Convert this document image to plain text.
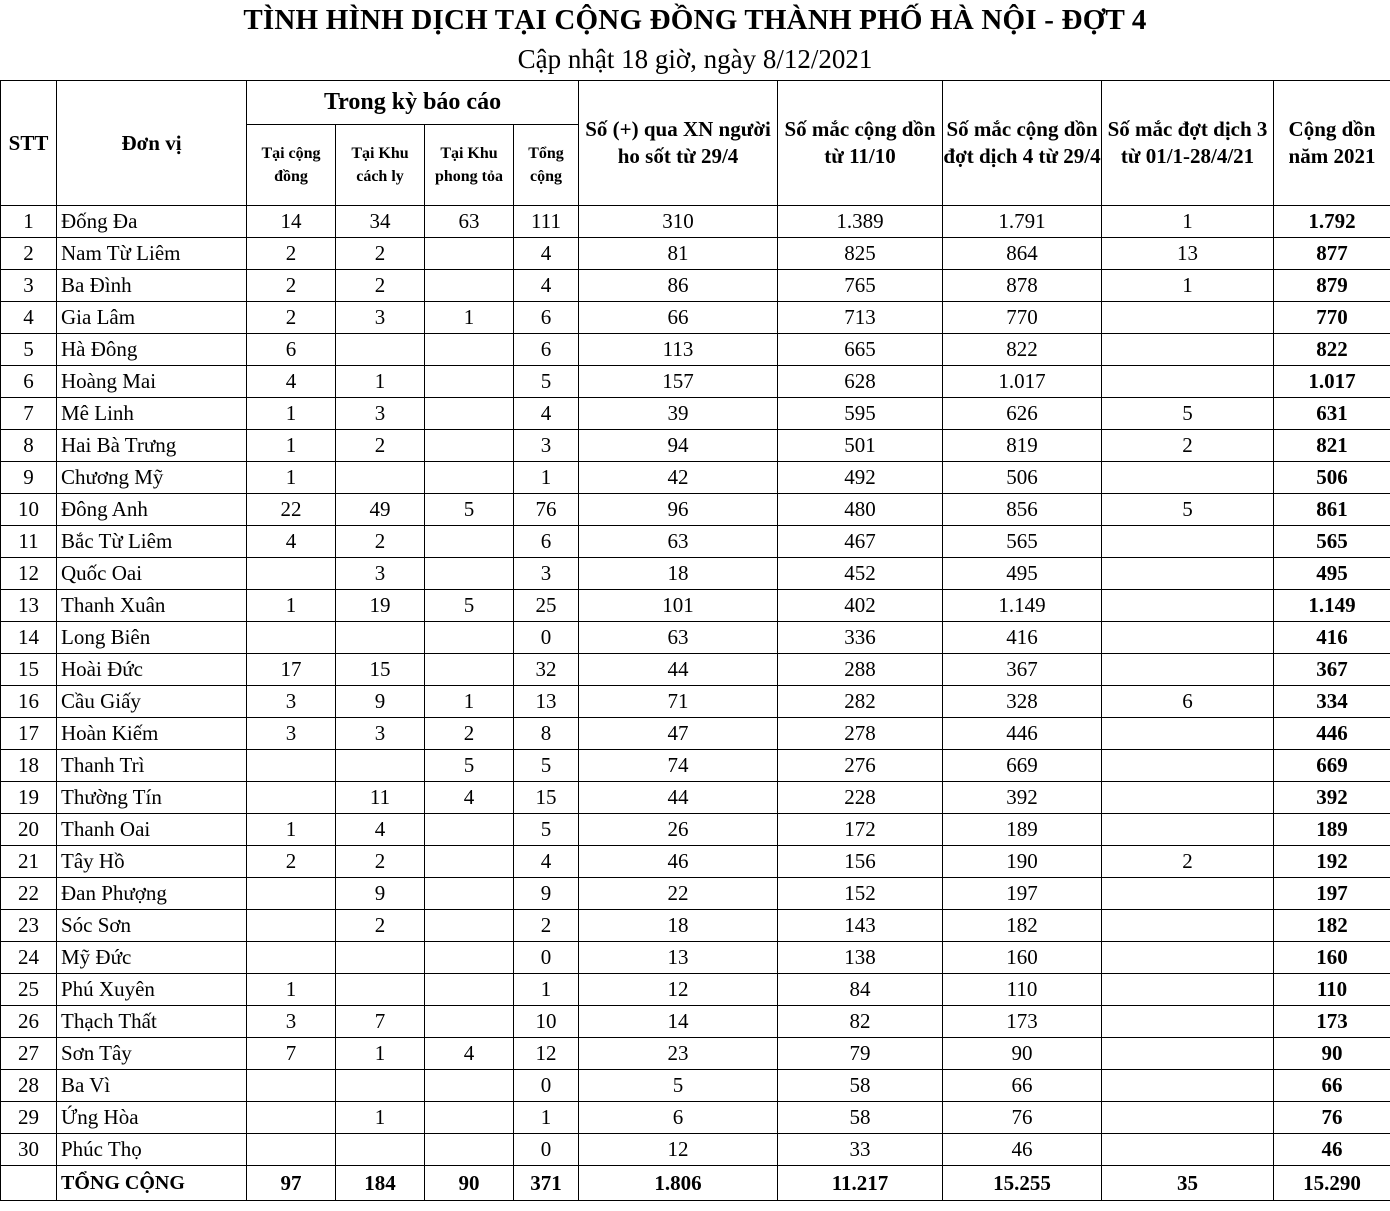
TÌNH HÌNH DỊCH TẠI CỘNG ĐỒNG THÀNH PHỐ HÀ NỘI - ĐỢT 4
Cập nhật 18 giờ, ngày 8/12/2021
STT	Đơn vị	Trong kỳ báo cáo				Số (+) qua XN người ho sốt từ 29/4	Số mắc cộng dồn từ 11/10	Số mắc cộng dồn đợt dịch 4 từ 29/4	Số mắc đợt dịch 3 từ 01/1-28/4/21	Cộng dồn năm 2021
		Tại cộng đồng	Tại Khu cách ly	Tại Khu phong tỏa	Tổng cộng					
1	Đống Đa	14	34	63	111	310	1.389	1.791	1	1.792
2	Nam Từ Liêm	2	2		4	81	825	864	13	877
3	Ba Đình	2	2		4	86	765	878	1	879
4	Gia Lâm	2	3	1	6	66	713	770		770
5	Hà Đông	6			6	113	665	822		822
6	Hoàng Mai	4	1		5	157	628	1.017		1.017
7	Mê Linh	1	3		4	39	595	626	5	631
8	Hai Bà Trưng	1	2		3	94	501	819	2	821
9	Chương Mỹ	1			1	42	492	506		506
10	Đông Anh	22	49	5	76	96	480	856	5	861
11	Bắc Từ Liêm	4	2		6	63	467	565		565
12	Quốc Oai		3		3	18	452	495		495
13	Thanh Xuân	1	19	5	25	101	402	1.149		1.149
14	Long Biên				0	63	336	416		416
15	Hoài Đức	17	15		32	44	288	367		367
16	Cầu Giấy	3	9	1	13	71	282	328	6	334
17	Hoàn Kiếm	3	3	2	8	47	278	446		446
18	Thanh Trì			5	5	74	276	669		669
19	Thường Tín		11	4	15	44	228	392		392
20	Thanh Oai	1	4		5	26	172	189		189
21	Tây Hồ	2	2		4	46	156	190	2	192
22	Đan Phượng		9		9	22	152	197		197
23	Sóc Sơn		2		2	18	143	182		182
24	Mỹ Đức				0	13	138	160		160
25	Phú Xuyên	1			1	12	84	110		110
26	Thạch Thất	3	7		10	14	82	173		173
27	Sơn Tây	7	1	4	12	23	79	90		90
28	Ba Vì				0	5	58	66		66
29	Ứng Hòa		1		1	6	58	76		76
30	Phúc Thọ				0	12	33	46		46
	TỔNG CỘNG	97	184	90	371	1.806	11.217	15.255	35	15.290
